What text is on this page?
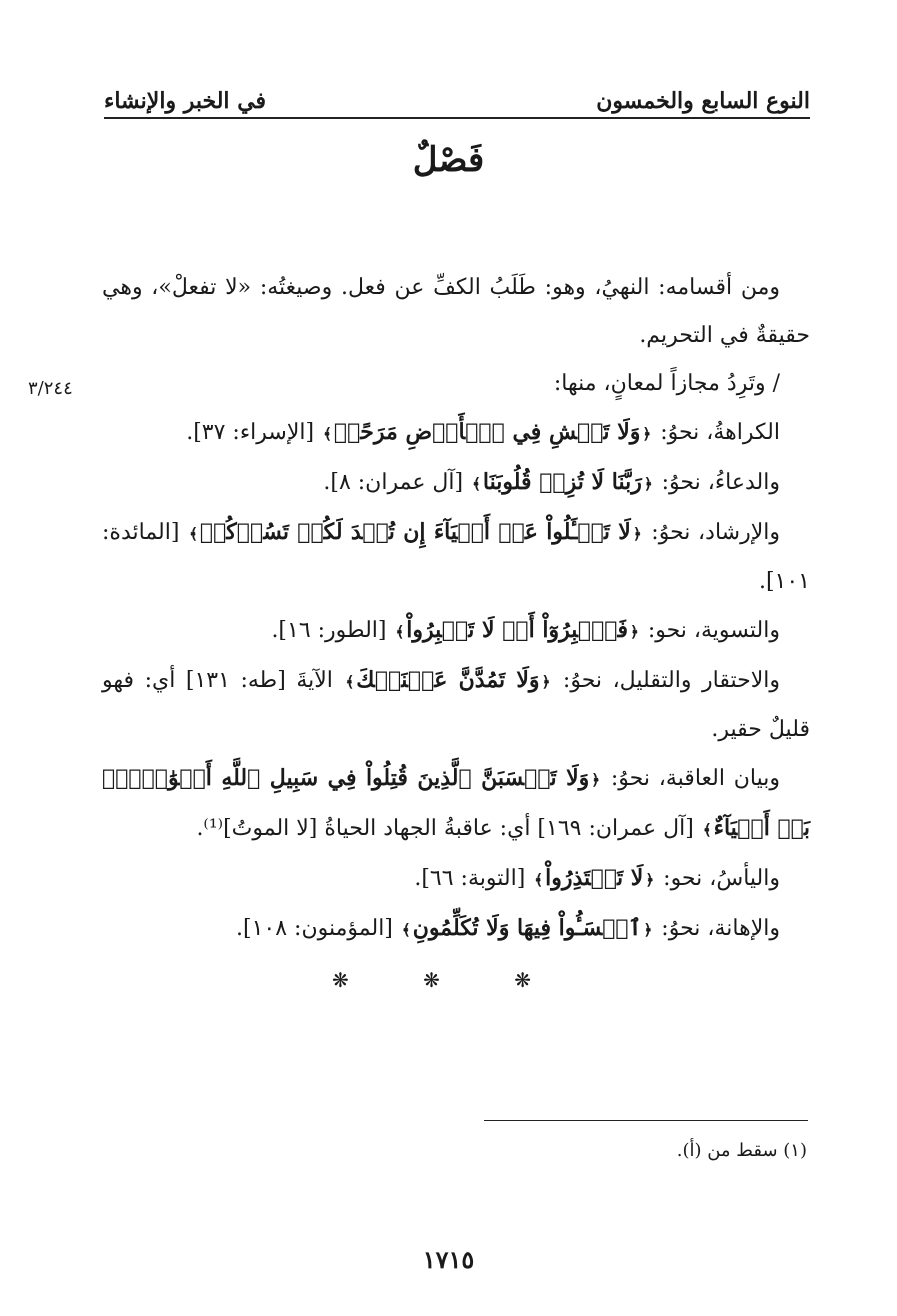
النوع السابع والخمسون
في الخبر والإنشاء
فَصْلٌ
٣/٢٤٤

ومن أقسامه: النهيُ، وهو: طَلَبُ الكفِّ عن فعل. وصيغتُه: «لا تفعلْ»، وهي حقيقةٌ في التحريم.

/ وتَرِدُ مجازاً لمعانٍ، منها:

الكراهةُ، نحوُ: ﴿وَلَا تَمۡشِ فِي ٱلۡأَرۡضِ مَرَحًاۖ﴾ [الإسراء: ٣٧].

والدعاءُ، نحوُ: ﴿رَبَّنَا لَا تُزِغۡ قُلُوبَنَا﴾ [آل عمران: ٨].

والإرشاد، نحوُ: ﴿لَا تَسۡـَٔلُواْ عَنۡ أَشۡيَآءَ إِن تُبۡدَ لَكُمۡ تَسُؤۡكُمۡ﴾ [المائدة: ١٠١].

والتسوية، نحو: ﴿فَٱصۡبِرُوٓاْ أَوۡ لَا تَصۡبِرُواْ﴾ [الطور: ١٦].

والاحتقار والتقليل، نحوُ: ﴿وَلَا تَمُدَّنَّ عَيۡنَيۡكَ﴾ الآيةَ [طه: ١٣١] أي: فهو قليلٌ حقير.

وبيان العاقبة، نحوُ: ﴿وَلَا تَحۡسَبَنَّ ٱلَّذِينَ قُتِلُواْ فِي سَبِيلِ ٱللَّهِ أَمۡوَٰتَۢاۚ بَلۡ أَحۡيَآءٌ﴾ [آل عمران: ١٦٩] أي: عاقبةُ الجهاد الحياةُ [لا الموتُ]⁽¹⁾.

واليأسُ، نحو: ﴿لَا تَعۡتَذِرُواْ﴾ [التوبة: ٦٦].

والإهانة، نحوُ: ﴿ٱخۡسَـُٔواْ فِيهَا وَلَا تُكَلِّمُونِ﴾ [المؤمنون: ١٠٨].

❋ ❋ ❋
(١) سقط من (أ).
١٧١٥
